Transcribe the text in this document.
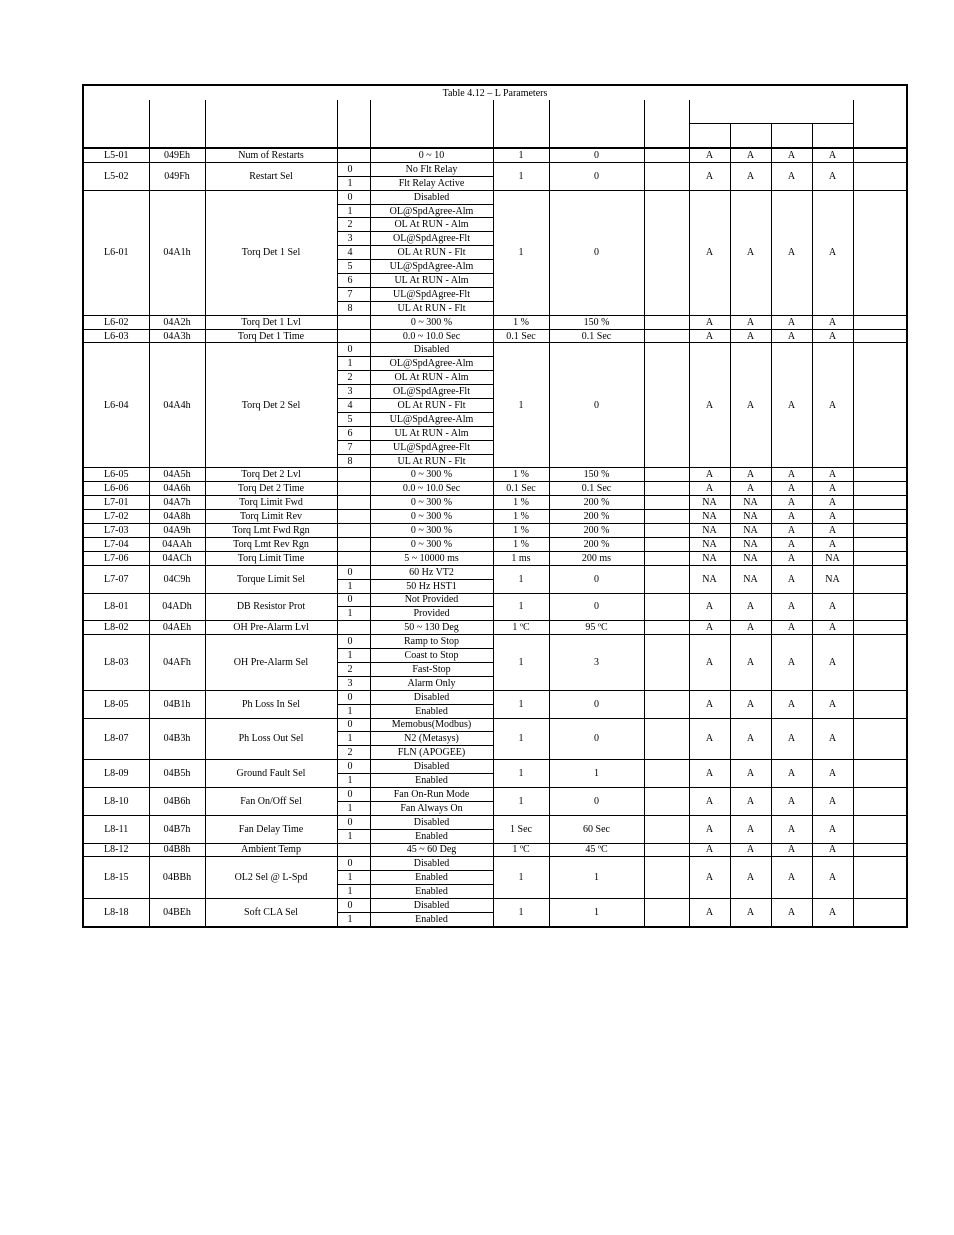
Table 4.12 – L Parameters												

L5-01	049Eh	Num of Restarts		0 ~ 10	1	0		A	A	A	A	
L5-02	049Fh	Restart Sel	0	No Flt Relay	1	0		A	A	A	A	
			1	Flt Relay Active								
L6-01	04A1h	Torq Det 1 Sel	0	Disabled	1	0		A	A	A	A	
			1	OL@SpdAgree-Alm								
			2	OL At RUN - Alm								
			3	OL@SpdAgree-Flt								
			4	OL At RUN - Flt								
			5	UL@SpdAgree-Alm								
			6	UL At RUN - Alm								
			7	UL@SpdAgree-Flt								
			8	UL At RUN - Flt								
L6-02	04A2h	Torq Det 1 Lvl		0 ~ 300 %	1 %	150 %		A	A	A	A	
L6-03	04A3h	Torq Det 1 Time		0.0 ~ 10.0 Sec	0.1 Sec	0.1 Sec		A	A	A	A	
L6-04	04A4h	Torq Det 2 Sel	0	Disabled	1	0		A	A	A	A	
			1	OL@SpdAgree-Alm								
			2	OL At RUN - Alm								
			3	OL@SpdAgree-Flt								
			4	OL At RUN - Flt								
			5	UL@SpdAgree-Alm								
			6	UL At RUN - Alm								
			7	UL@SpdAgree-Flt								
			8	UL At RUN - Flt								
L6-05	04A5h	Torq Det 2 Lvl		0 ~ 300 %	1 %	150 %		A	A	A	A	
L6-06	04A6h	Torq Det 2 Time		0.0 ~ 10.0 Sec	0.1 Sec	0.1 Sec		A	A	A	A	
L7-01	04A7h	Torq Limit Fwd		0 ~ 300 %	1 %	200 %		NA	NA	A	A	
L7-02	04A8h	Torq Limit Rev		0 ~ 300 %	1 %	200 %		NA	NA	A	A	
L7-03	04A9h	Torq Lmt Fwd Rgn		0 ~ 300 %	1 %	200 %		NA	NA	A	A	
L7-04	04AAh	Torq Lmt Rev Rgn		0 ~ 300 %	1 %	200 %		NA	NA	A	A	
L7-06	04ACh	Torq Limit Time		5 ~ 10000 ms	1 ms	200 ms		NA	NA	A	NA	
L7-07	04C9h	Torque Limit Sel	0	60 Hz VT2	1	0		NA	NA	A	NA	
			1	50 Hz HST1								
L8-01	04ADh	DB Resistor Prot	0	Not Provided	1	0		A	A	A	A	
			1	Provided								
L8-02	04AEh	OH Pre-Alarm Lvl		50 ~ 130 Deg	1 ºC	95 ºC		A	A	A	A	
L8-03	04AFh	OH Pre-Alarm Sel	0	Ramp to Stop	1	3		A	A	A	A	
			1	Coast to Stop								
			2	Fast-Stop								
			3	Alarm Only								
L8-05	04B1h	Ph Loss In Sel	0	Disabled	1	0		A	A	A	A	
			1	Enabled								
L8-07	04B3h	Ph Loss Out Sel	0	Memobus(Modbus)	1	0		A	A	A	A	
			1	N2 (Metasys)								
			2	FLN (APOGEE)								
L8-09	04B5h	Ground Fault Sel	0	Disabled	1	1		A	A	A	A	
			1	Enabled								
L8-10	04B6h	Fan On/Off Sel	0	Fan On-Run Mode	1	0		A	A	A	A	
			1	Fan Always On								
L8-11	04B7h	Fan Delay Time	0	Disabled	1 Sec	60 Sec		A	A	A	A	
			1	Enabled								
L8-12	04B8h	Ambient Temp		45 ~ 60 Deg	1 ºC	45 ºC		A	A	A	A	
L8-15	04BBh	OL2 Sel @ L-Spd	0	Disabled	1	1		A	A	A	A	
			1	Enabled								
			1	Enabled								
L8-18	04BEh	Soft CLA Sel	0	Disabled	1	1		A	A	A	A	
			1	Enabled								
